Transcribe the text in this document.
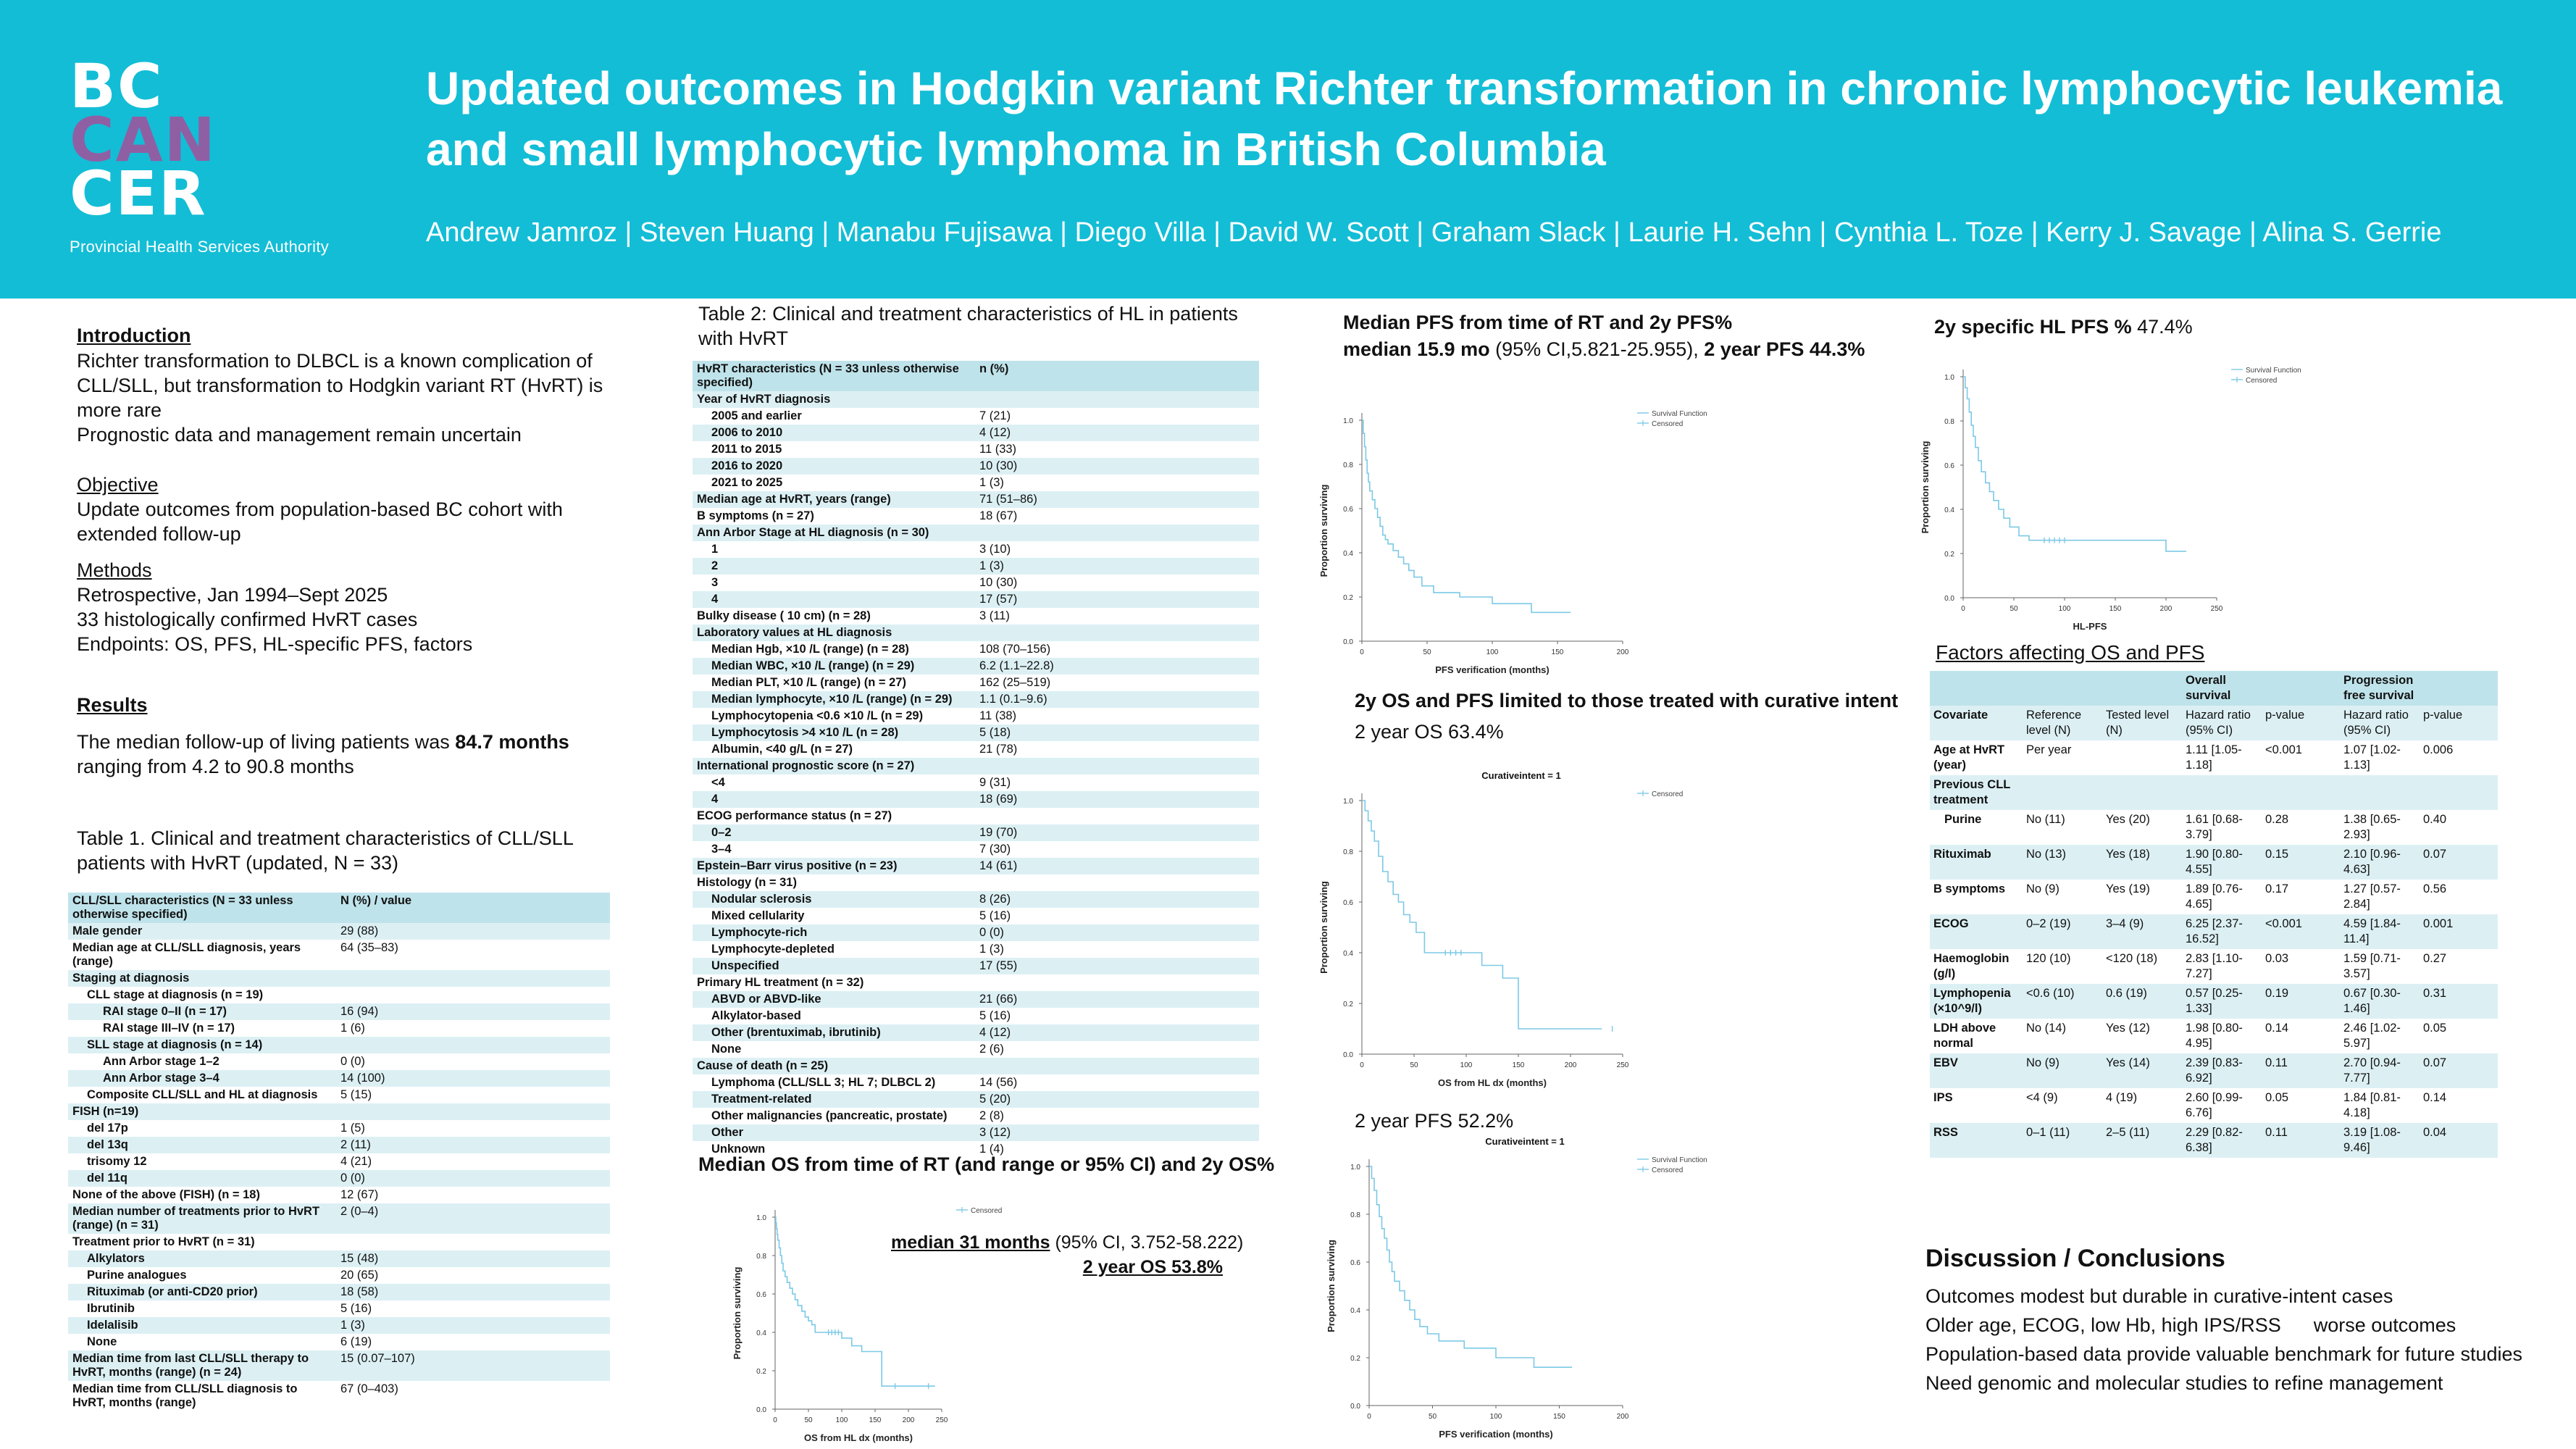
BC
CAN
CER
Provincial Health Services Authority
Updated outcomes in Hodgkin variant Richter transformation in chronic lymphocytic leukemia and small lymphocytic lymphoma in British Columbia
Andrew Jamroz | Steven Huang | Manabu Fujisawa | Diego Villa | David W. Scott | Graham Slack | Laurie H. Sehn | Cynthia L. Toze | Kerry J. Savage | Alina S. Gerrie
Introduction
Richter transformation to DLBCL is a known complication of CLL/SLL, but transformation to Hodgkin variant RT (HvRT) is more rare
Prognostic data and management remain uncertain
Objective
Update outcomes from population-based BC cohort with extended follow-up
Methods
Retrospective, Jan 1994–Sept 2025
33 histologically confirmed HvRT cases
Endpoints: OS, PFS, HL-specific PFS, factors
Results
The median follow-up of living patients was 84.7 months ranging from 4.2 to 90.8 months
Table 1. Clinical and treatment characteristics of CLL/SLL patients with HvRT (updated, N = 33)
CLL/SLL characteristics (N = 33 unless otherwise specified)	N (%) / value
Male gender	29 (88)
Median age at CLL/SLL diagnosis, years (range)	64 (35–83)
Staging at diagnosis	
CLL stage at diagnosis (n = 19)	
RAI stage 0–II (n = 17)	16 (94)
RAI stage III–IV (n = 17)	1 (6)
SLL stage at diagnosis (n = 14)	
Ann Arbor stage 1–2	0 (0)
Ann Arbor stage 3–4	14 (100)
Composite CLL/SLL and HL at diagnosis	5 (15)
FISH (n=19)	
del 17p	1 (5)
del 13q	2 (11)
trisomy 12	4 (21)
del 11q	0 (0)
None of the above (FISH) (n = 18)	12 (67)
Median number of treatments prior to HvRT (range) (n = 31)	2 (0–4)
Treatment prior to HvRT (n = 31)	
Alkylators	15 (48)
Purine analogues	20 (65)
Rituximab (or anti-CD20 prior)	18 (58)
Ibrutinib	5 (16)
Idelalisib	1 (3)
None	6 (19)
Median time from last CLL/SLL therapy to HvRT, months (range) (n = 24)	15 (0.07–107)
Median time from CLL/SLL diagnosis to HvRT, months (range)	67 (0–403)
Table 2: Clinical and treatment characteristics of HL in patients with HvRT
HvRT characteristics (N = 33 unless otherwise specified)	n (%)
Year of HvRT diagnosis	
2005 and earlier	7 (21)
2006 to 2010	4 (12)
2011 to 2015	11 (33)
2016 to 2020	10 (30)
2021 to 2025	1 (3)
Median age at HvRT, years (range)	71 (51–86)
B symptoms (n = 27)	18 (67)
Ann Arbor Stage at HL diagnosis (n = 30)	
1	3 (10)
2	1 (3)
3	10 (30)
4	17 (57)
Bulky disease ( 10 cm) (n = 28)	3 (11)
Laboratory values at HL diagnosis	
Median Hgb, ×10 /L (range) (n = 28)	108 (70–156)
Median WBC, ×10 /L (range) (n = 29)	6.2 (1.1–22.8)
Median PLT, ×10 /L (range) (n = 27)	162 (25–519)
Median lymphocyte, ×10 /L (range) (n = 29)	1.1 (0.1–9.6)
Lymphocytopenia <0.6 ×10 /L (n = 29)	11 (38)
Lymphocytosis >4 ×10 /L (n = 28)	5 (18)
Albumin, <40 g/L (n = 27)	21 (78)
International prognostic score (n = 27)	
<4	9 (31)
4	18 (69)
ECOG performance status (n = 27)	
0–2	19 (70)
3–4	7 (30)
Epstein–Barr virus positive (n = 23)	14 (61)
Histology (n = 31)	
Nodular sclerosis	8 (26)
Mixed cellularity	5 (16)
Lymphocyte-rich	0 (0)
Lymphocyte-depleted	1 (3)
Unspecified	17 (55)
Primary HL treatment (n = 32)	
ABVD or ABVD-like	21 (66)
Alkylator-based	5 (16)
Other (brentuximab, ibrutinib)	4 (12)
None	2 (6)
Cause of death (n = 25)	
Lymphoma (CLL/SLL 3; HL 7; DLBCL 2)	14 (56)
Treatment-related	5 (20)
Other malignancies (pancreatic, prostate)	2 (8)
Other	3 (12)
Unknown	1 (4)
Median OS from time of RT (and range or 95% CI) and 2y OS%
0.0
0.2
0.4
0.6
0.8
1.0
0	50	100	150	200	250
OS from HL dx (months)
Proportion surviving
Censored
median 31 months (95% CI, 3.752-58.222)
2 year OS 53.8%
Median PFS from time of RT and 2y PFS%
median 15.9 mo (95% CI,5.821-25.955), 2 year PFS 44.3%
0.0
0.2
0.4
0.6
0.8
1.0
0	50	100	150	200
PFS verification (months)
Proportion surviving
Survival Function
Censored
2y OS and PFS limited to those treated with curative intent
2 year OS 63.4%
0.0
0.2
0.4
0.6
0.8
1.0
0	50	100	150	200	250
OS from HL dx (months)
Proportion surviving
Curativeintent = 1
Censored
2 year PFS 52.2%
0.0
0.2
0.4
0.6
0.8
1.0
0	50	100	150	200
PFS verification (months)
Proportion surviving
Curativeintent = 1
Survival Function
Censored
2y specific HL PFS % 47.4%
0.0
0.2
0.4
0.6
0.8
1.0
0	50	100	150	200	250
HL-PFS
Proportion surviving
Survival Function
Censored
Factors affecting OS and PFS
			Overall survival		Progression free survival	
Covariate	Reference level (N)	Tested level (N)	Hazard ratio (95% CI)	p-value	Hazard ratio (95% CI)	p-value
Age at HvRT (year)	Per year		1.11 [1.05-1.18]	<0.001	1.07 [1.02-1.13]	0.006
Previous CLL treatment						
Purine	No (11)	Yes (20)	1.61 [0.68-3.79]	0.28	1.38 [0.65-2.93]	0.40
Rituximab	No (13)	Yes (18)	1.90 [0.80-4.55]	0.15	2.10 [0.96-4.63]	0.07
B symptoms	No (9)	Yes (19)	1.89 [0.76-4.65]	0.17	1.27 [0.57-2.84]	0.56
ECOG	0–2 (19)	3–4 (9)	6.25 [2.37-16.52]	<0.001	4.59 [1.84-11.4]	0.001
Haemoglobin (g/l)	120 (10)	<120 (18)	2.83 [1.10-7.27]	0.03	1.59 [0.71-3.57]	0.27
Lymphopenia (×10^9/l)	<0.6 (10)	0.6 (19)	0.57 [0.25-1.33]	0.19	0.67 [0.30-1.46]	0.31
LDH above normal	No (14)	Yes (12)	1.98 [0.80-4.95]	0.14	2.46 [1.02-5.97]	0.05
EBV	No (9)	Yes (14)	2.39 [0.83-6.92]	0.11	2.70 [0.94-7.77]	0.07
IPS	<4 (9)	4 (19)	2.60 [0.99-6.76]	0.05	1.84 [0.81-4.18]	0.14
RSS	0–1 (11)	2–5 (11)	2.29 [0.82-6.38]	0.11	3.19 [1.08-9.46]	0.04
Discussion / Conclusions
Outcomes modest but durable in curative-intent cases
Older age, ECOG, low Hb, high IPS/RSS      worse outcomes
Population-based data provide valuable benchmark for future studies
Need genomic and molecular studies to refine management
